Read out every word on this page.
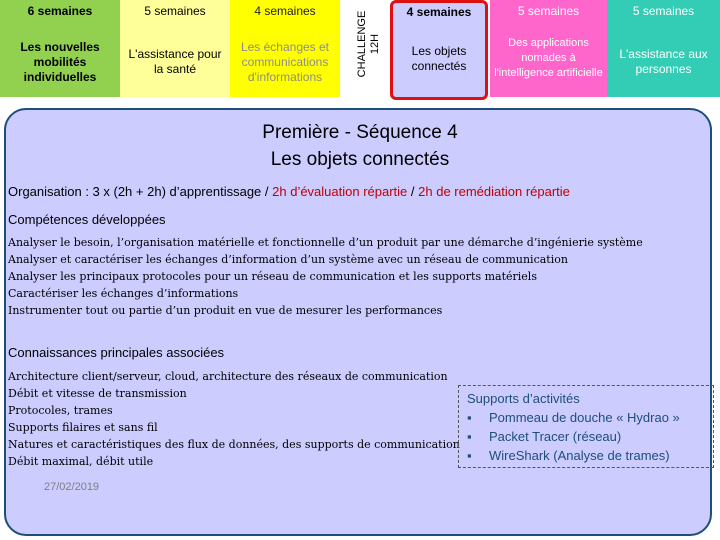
6 semaines
Les nouvelles mobilités individuelles
5 semaines
L'assistance pour la santé
4 semaines
Les échanges et communications d'informations	CHALLENGE 12H
4 semaines
Les objets connectés
5 semaines
Des applications nomades à l'intelligence artificielle
5 semaines
L'assistance aux personnes
Première - Séquence 4
Les objets connectés
Organisation : 3 x (2h + 2h) d’apprentissage / 2h d’évaluation répartie / 2h de remédiation répartie
Compétences développées
Analyser le besoin, l’organisation matérielle et fonctionnelle d’un produit par une démarche d’ingénierie système
Analyser et caractériser les échanges d’information d’un système avec un réseau de communication
Analyser les principaux protocoles pour un réseau de communication et les supports matériels
Caractériser les échanges d’informations
Instrumenter tout ou partie d’un produit en vue de mesurer les performances
Connaissances principales associées
Architecture client/serveur, cloud, architecture des réseaux de communication
Débit et vitesse de transmission
Protocoles, trames
Supports filaires et sans fil
Natures et caractéristiques des flux de données, des supports de communication
Débit maximal, débit utile
Supports d’activités
▪ Pommeau de douche « Hydrao »
▪ Packet Tracer (réseau)
▪ WireShark (Analyse de trames)
27/02/2019
